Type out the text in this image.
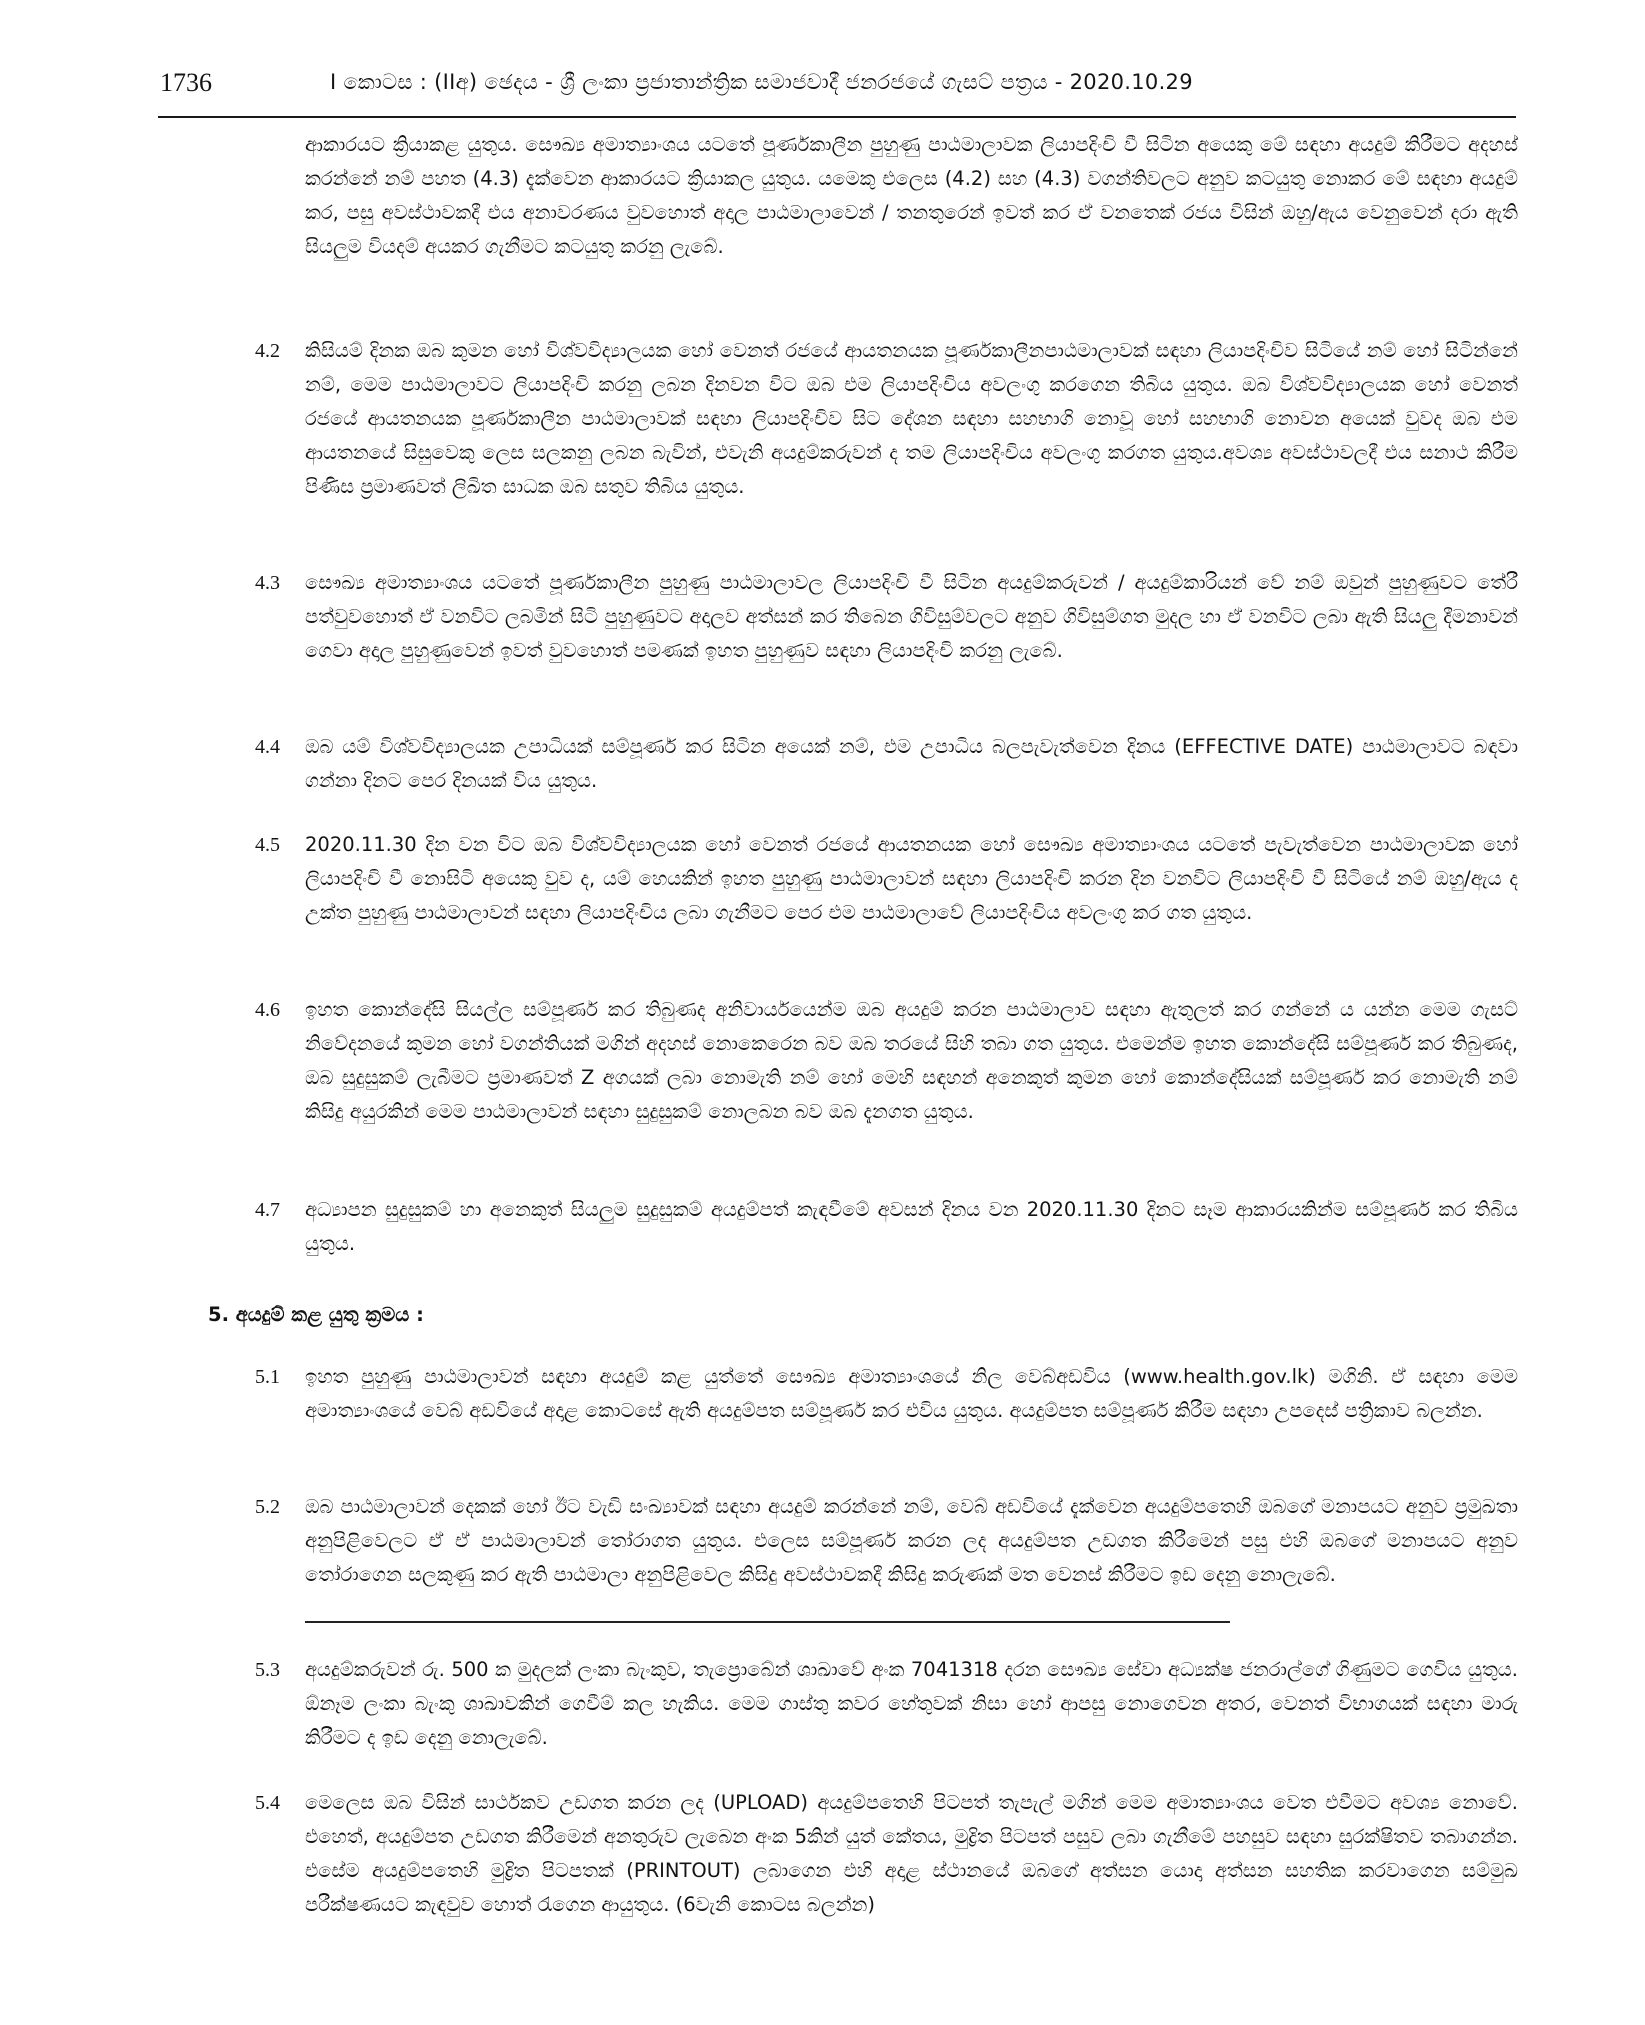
1736	I කොටස : (IIඅ) ඡෙදය - ශ්‍රී ලංකා ප්‍රජාතාන්ත්‍රික සමාජවාදී ජනරජයේ ගැසට් පත්‍රය - 2020.10.29
ආකාරයට ක්‍රියාකළ යුතුය. සෞඛ්‍ය අමාත්‍යාංශය යටතේ පූර්ණකාලීන පුහුණු පාඨමාලාවක ලියාපදිංචි වී සිටින අයෙකු මේ සඳහා අයදුම් කිරීමට අදහස් කරන්නේ නම් පහත (4.3) දැක්වෙන ආකාරයට ක්‍රියාකල යුතුය. යමෙකු එලෙස (4.2) සහ (4.3) වගන්තිවලට අනුව කටයුතු නොකර මේ සඳහා අයදුම් කර, පසු අවස්ථාවකදී එය අනාවරණය වුවහොත් අදාල පාඨමාලාවෙන් / තනතුරෙන් ඉවත් කර ඒ වනතෙක් රජය විසින් ඔහු/ඇය වෙනුවෙන් දරා ඇති සියලුම වියදම් අයකර ගැනීමට කටයුතු කරනු ලැබේ.
4.2 කිසියම් දිනක ඔබ කුමන හෝ විශ්වවිද්‍යාලයක හෝ වෙනත් රජයේ ආයතනයක පූර්ණකාලීනපාඨමාලාවක් සඳහා ලියාපදිංචිව සිටියේ නම් හෝ සිටින්නේ නම්, මෙම පාඨමාලාවට ලියාපදිංචි කරනු ලබන දිනවන විට ඔබ එම ලියාපදිංචිය අවලංගු කරගෙන තිබිය යුතුය. ඔබ විශ්වවිද්‍යාලයක හෝ වෙනත් රජයේ ආයතනයක පූර්ණකාලීන පාඨමාලාවක් සඳහා ලියාපදිංචිව සිට දේශන සඳහා සහභාගි නොවූ හෝ සහභාගි නොවන අයෙක් වුවද ඔබ එම ආයතනයේ සිසුවෙකු ලෙස සලකනු ලබන බැවින්, එවැනි අයදුම්කරුවන් ද තම ලියාපදිංචිය අවලංගු කරගත යුතුය.අවශ්‍ය අවස්ථාවලදී එය සනාථ කිරීම පිණිස ප්‍රමාණවත් ලිඛිත සාධක ඔබ සතුව තිබිය යුතුය.
4.3 සෞඛ්‍ය අමාත්‍යාංශය යටතේ පූර්ණකාලීන පුහුණු පාඨමාලාවල ලියාපදිංචි වී සිටින අයදුම්කරුවන් / අයදුම්කාරියන් වේ නම් ඔවුන් පුහුණුවට තේරී පත්වුවහොත් ඒ වනවිට ලබමින් සිටි පුහුණුවට අදාලව අත්සන් කර තිබෙන ගිවිසුම්වලට අනුව ගිවිසුම්ගත මුදල හා ඒ වනවිට ලබා ඇති සියලු දීමනාවන් ගෙවා අදාල පුහුණුවෙන් ඉවත් වුවහොත් පමණක් ඉහත පුහුණුව සඳහා ලියාපදිංචි කරනු ලැබේ.
4.4 ඔබ යම් විශ්වවිද්‍යාලයක උපාධියක් සම්පූර්ණ කර සිටින අයෙක් නම්, එම උපාධිය බලපැවැත්වෙන දිනය (EFFECTIVE DATE) පාඨමාලාවට බඳවා ගන්නා දිනට පෙර දිනයක් විය යුතුය.
4.5 2020.11.30 දින වන විට ඔබ විශ්වවිද්‍යාලයක හෝ වෙනත් රජයේ ආයතනයක හෝ සෞඛ්‍ය අමාත්‍යාංශය යටතේ පැවැත්වෙන පාඨමාලාවක හෝ ලියාපදිංචි වී නොසිටි අයෙකු වුව ද, යම් හෙයකින් ඉහත පුහුණු පාඨමාලාවන් සඳහා ලියාපදිංචි කරන දින වනවිට ලියාපදිංචි වී සිටියේ නම් ඔහු/ඇය ද උක්ත පුහුණු පාඨමාලාවන් සඳහා ලියාපදිංචිය ලබා ගැනීමට පෙර එම පාඨමාලාවේ ලියාපදිංචිය අවලංගු කර ගත යුතුය.
4.6 ඉහත කොන්දේසි සියල්ල සම්පූර්ණ කර තිබුණද අනිවාර්යයෙන්ම ඔබ අයදුම් කරන පාඨමාලාව සඳහා ඇතුලත් කර ගන්නේ ය යන්න මෙම ගැසට් නිවේදනයේ කුමන හෝ වගන්තියක් මගින් අදහස් නොකෙරෙන බව ඔබ තරයේ සිහි තබා ගත යුතුය. එමෙන්ම ඉහත කොන්දේසි සම්පූර්ණ කර තිබුණද, ඔබ සුදුසුකම් ලැබීමට ප්‍රමාණවත් Z අගයක් ලබා නොමැති නම් හෝ මෙහි සඳහන් අනෙකුත් කුමන හෝ කොන්දේසියක් සම්පූර්ණ කර නොමැති නම් කිසිදු අයුරකින් මෙම පාඨමාලාවන් සඳහා සුදුසුකම් නොලබන බව ඔබ දැනගත යුතුය.
4.7 අධ්‍යාපන සුදුසුකම් හා අනෙකුත් සියලුම සුදුසුකම් අයදුම්පත් කැඳවීමේ අවසන් දිනය වන 2020.11.30 දිනට සෑම ආකාරයකින්ම සම්පූර්ණ කර තිබිය යුතුය.
5. අයදුම් කළ යුතු ක්‍රමය :
5.1 ඉහත පුහුණු පාඨමාලාවන් සඳහා අයදුම් කළ යුත්තේ සෞඛ්‍ය අමාත්‍යාංශයේ නිල වෙබ්අඩවිය (www.health.gov.lk) මගිනි. ඒ සඳහා මෙම අමාත්‍යාංශයේ වෙබ් අඩවියේ අදාළ කොටසේ ඇති අයදුම්පත සම්පූර්ණ කර එවිය යුතුය. අයදුම්පත සම්පූර්ණ කිරීම සඳහා උපදෙස් පත්‍රිකාව බලන්න.
5.2 ඔබ පාඨමාලාවන් දෙකක් හෝ ඊට වැඩි සංඛ්‍යාවක් සඳහා අයදුම් කරන්නේ නම්, වෙබ් අඩවියේ දැක්වෙන අයදුම්පතෙහි ඔබගේ මනාපයට අනුව ප්‍රමුඛතා අනුපිළිවෙලට ඒ ඒ පාඨමාලාවන් තෝරාගත යුතුය. එලෙස සම්පූර්ණ කරන ලද අයදුම්පත උඩගත කිරීමෙන් පසු එහි ඔබගේ මනාපයට අනුව තෝරාගෙන සලකුණු කර ඇති පාඨමාලා අනුපිළිවෙල කිසිදු අවස්ථාවකදී කිසිදු කරුණක් මත වෙනස් කිරීමට ඉඩ දෙනු නොලැබේ.
5.3 අයදුම්කරුවන් රු. 500 ක මුදලක් ලංකා බැංකුව, තැප්‍රොබේන් ශාඛාවේ අංක 7041318 දරන සෞඛ්‍ය සේවා අධ්‍යක්ෂ ජනරාල්ගේ ගිණුමට ගෙවිය යුතුය. ඕනෑම ලංකා බැංකු ශාඛාවකින් ගෙවීම් කල හැකිය. මෙම ගාස්තු කවර හේතුවක් නිසා හෝ ආපසු නොගෙවන අතර, වෙනත් විභාගයක් සඳහා මාරු කිරීමට ද ඉඩ දෙනු නොලැබේ.
5.4 මෙලෙස ඔබ විසින් සාර්ථකව උඩගත කරන ලද (UPLOAD) අයදුම්පතෙහි පිටපත් තැපැල් මගින් මෙම අමාත්‍යාංශය වෙත එවීමට අවශ්‍ය නොවේ. එහෙත්, අයදුම්පත උඩගත කිරීමෙන් අනතුරුව ලැබෙන අංක 5කින් යුත් කේතය, මුද්‍රිත පිටපත් පසුව ලබා ගැනීමේ පහසුව සඳහා සුරක්ෂිතව තබාගන්න. එසේම අයදුම්පතෙහි මුද්‍රිත පිටපතක් (PRINTOUT) ලබාගෙන එහි අදාළ ස්ථානයේ ඔබගේ අත්සන යොදා අත්සන සහතික කරවාගෙන සම්මුඛ පරීක්ෂණයට කැඳවුව හොත් රැගෙන ආයුතුය. (6වැනි කොටස බලන්න)
